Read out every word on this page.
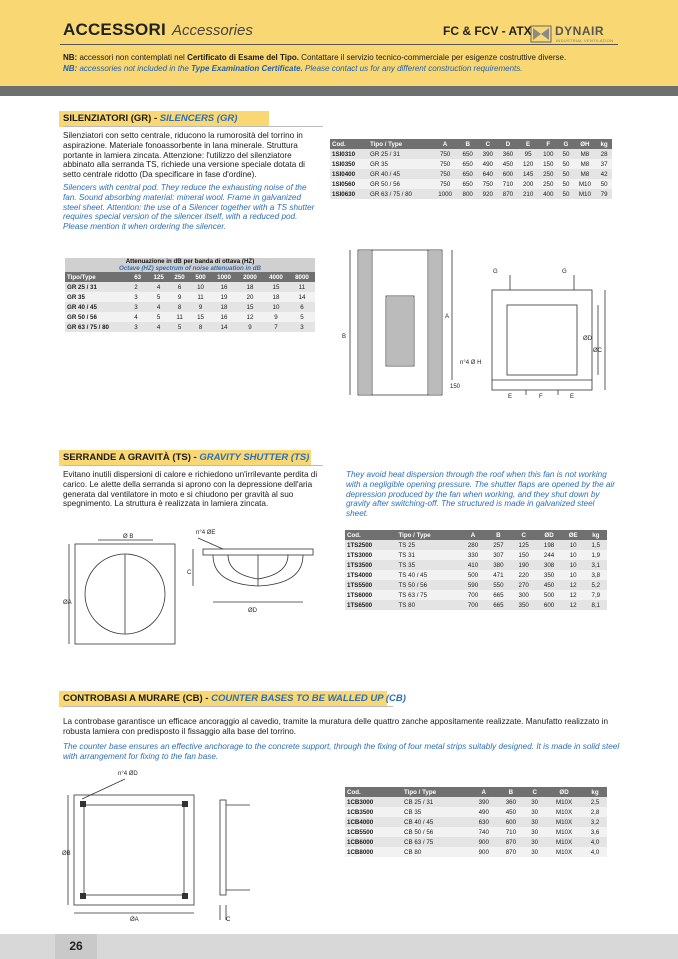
ACCESSORI Accessories	FC & FCV - ATX DYNAIR
INDUSTRIAL VENTILATION
NB: accessori non contemplati nel Certificato di Esame del Tipo. Contattare il servizio tecnico-commerciale per esigenze costruttive diverse.
NB: accessories not included in the Type Examination Certificate. Please contact us for any different construction requirements.
SILENZIATORI (GR) - SILENCERS (GR)
Silenziatori con setto centrale, riducono la rumorosità del torrino in aspirazione. Materiale fonoassorbente in lana minerale. Struttura portante in lamiera zincata. Attenzione: l'utilizzo del silenziatore abbinato alla serranda TS, richiede una versione speciale dotata di setto centrale ridotto (Da specificare in fase d'ordine).
Silencers with central pod. They reduce the exhausting noise of the fan. Sound absorbing material: mineral wool. Frame in galvanized steel sheet. Attention: the use of a Silencer together with a TS shutter requires special version of the silencer itself, with a reduced pod. Please mention it when ordering the silencer.
Cod.	Tipo / Type	A	B	C	D	E	F	G	ØH	kg
1SI0310	GR 25 / 31	750	650	390	360	95	100	50	M8	28
1SI0350	GR 35	750	650	490	450	120	150	50	M8	37
1SI0400	GR 40 / 45	750	650	640	600	145	250	50	M8	42
1SI0560	GR 50 / 56	750	650	750	710	200	250	50	M10	50
1SI0630	GR 63 / 75 / 80	1000	800	920	870	210	400	50	M10	79
Attenuazione in dB per banda di ottava (HZ)
Octave (HZ) spectrum of noise attenuation in dB								

Tipo/Type	63	125	250	500	1000	2000	4000	8000
GR 25 / 31	2	4	6	10	16	18	15	11
GR 35	3	5	9	11	19	20	18	14
GR 40 / 45	3	4	8	9	18	15	10	6
GR 50 / 56	4	5	11	15	16	12	9	5
GR 63 / 75 / 80	3	4	5	8	14	9	7	3
B
A
G	G
ØD
ØC
n°4 Ø H
150
E	F	E
SERRANDE A GRAVITÀ (TS) - GRAVITY SHUTTER (TS)
Evitano inutili dispersioni di calore e richiedono un'irrilevante perdita di carico. Le alette della serranda si aprono con la depressione dell'aria generata dal ventilatore in moto e si chiudono per gravità al suo spegnimento. La struttura è realizzata in lamiera zincata.
They avoid heat dispersion through the roof when this fan is not working with a negligible opening pressure. The shutter flaps are opened by the air depression produced by the fan when working, and they shut down by gravity after switching-off. The structured is made in galvanized steel sheet.
Cod.	Tipo / Type	A	B	C	ØD	ØE	kg
1TS2500	TS 25	280	257	125	198	10	1,5
1TS3000	TS 31	330	307	150	244	10	1,9
1TS3500	TS 35	410	380	190	308	10	3,1
1TS4000	TS 40 / 45	500	471	220	350	10	3,8
1TS5500	TS 50 / 56	590	550	270	450	12	5,2
1TS6000	TS 63 / 75	700	665	300	500	12	7,9
1TS6500	TS 80	700	665	350	600	12	8,1
n°4 ØE
Ø B
ØA
C
ØD
CONTROBASI A MURARE (CB) - COUNTER BASES TO BE WALLED UP (CB)
La controbase garantisce un efficace ancoraggio al cavedio, tramite la muratura delle quattro zanche appositamente realizzate. Manufatto realizzato in robusta lamiera con predisposto il fissaggio alla base del torrino.
The counter base ensures an effective anchorage to the concrete support, through the fixing of four metal strips suitably designed. It is made in solid steel with arrangement for fixing to the fan base.
Cod.	Tipo / Type	A	B	C	ØD	kg
1CB3000	CB 25 / 31	390	360	30	M10X	2,5
1CB3500	CB 35	490	450	30	M10X	2,8
1CB4000	CB 40 / 45	630	600	30	M10X	3,2
1CB5500	CB 50 / 56	740	710	30	M10X	3,6
1CB6000	CB 63 / 75	900	870	30	M10X	4,0
1CB8000	CB 80	900	870	30	M10X	4,0
n°4 ØD
ØB
ØA	C
26
